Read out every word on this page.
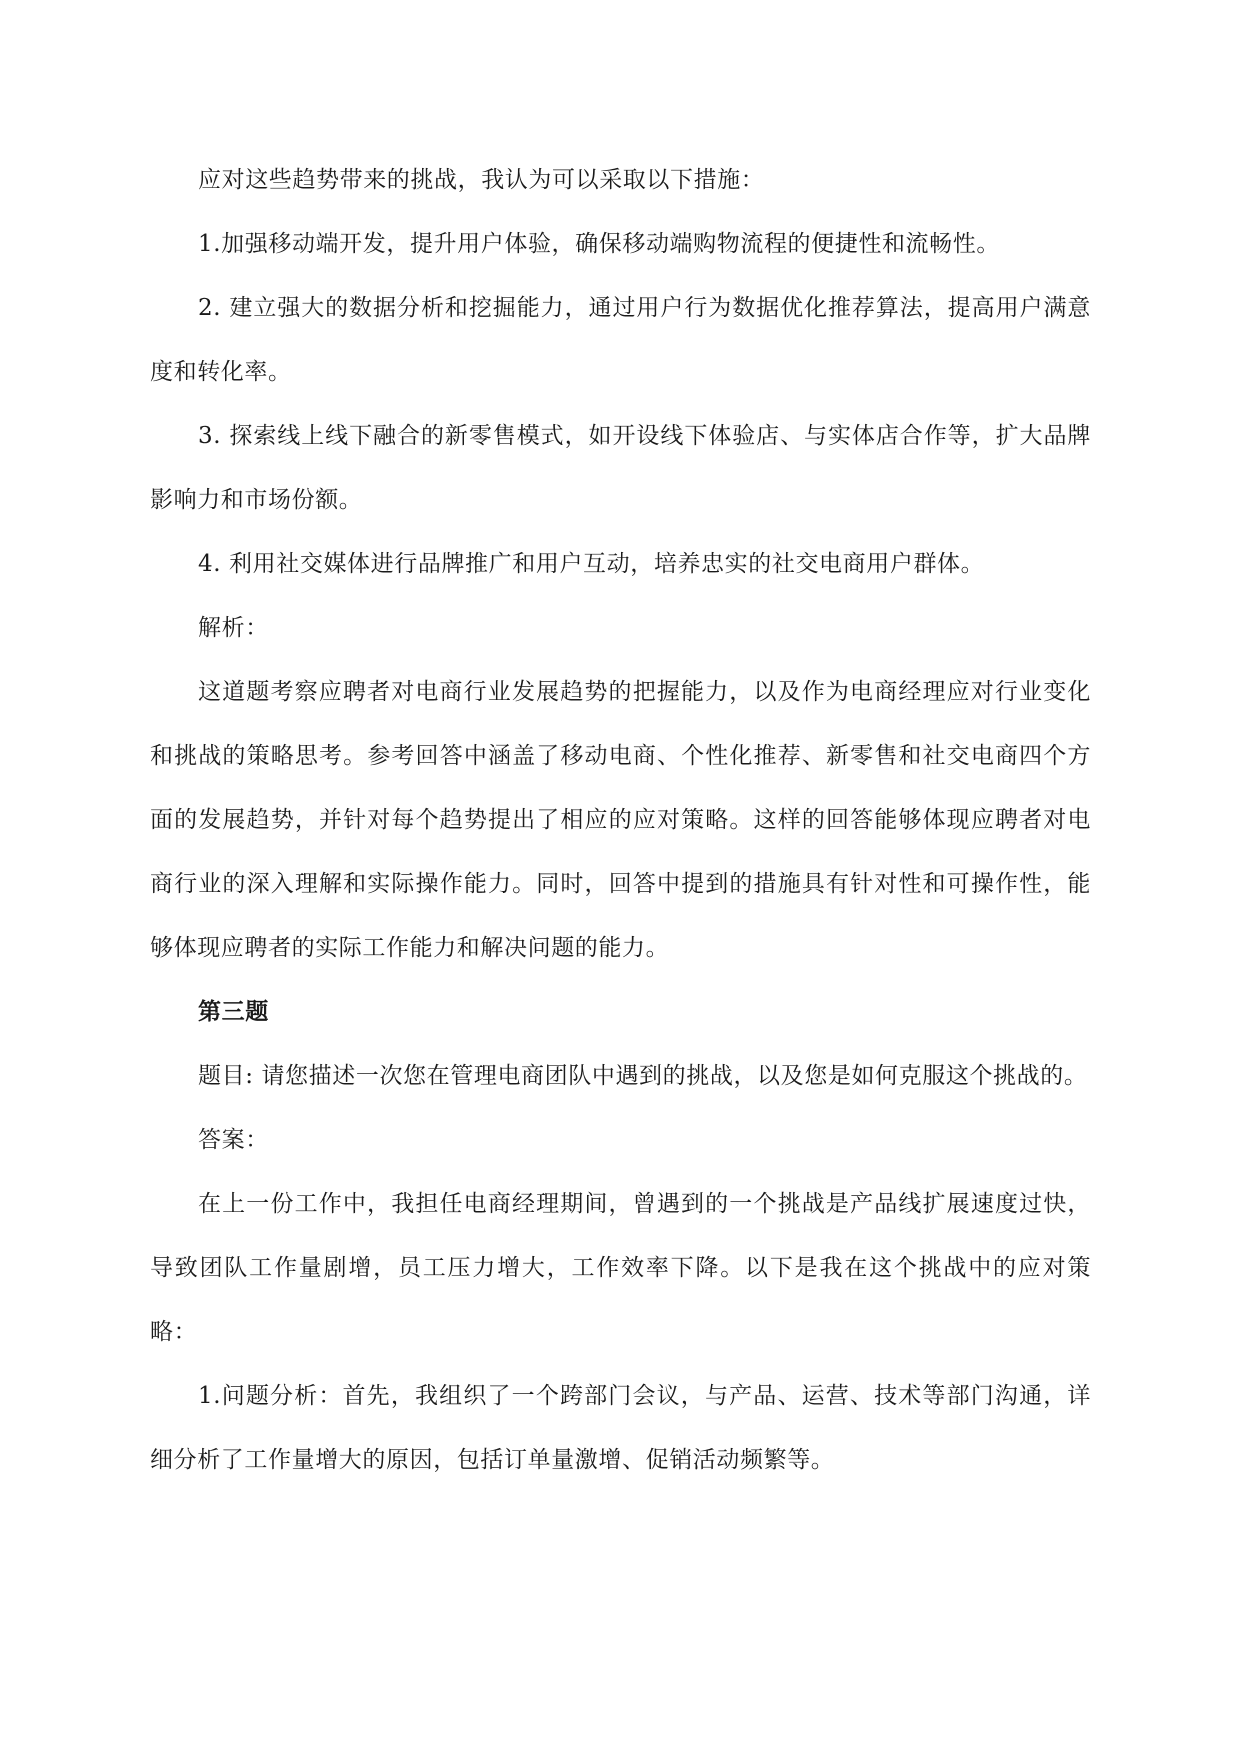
应对这些趋势带来的挑战，我认为可以采取以下措施：

1.加强移动端开发，提升用户体验，确保移动端购物流程的便捷性和流畅性。

2. 建立强大的数据分析和挖掘能力，通过用户行为数据优化推荐算法，提高用户满意度和转化率。

3. 探索线上线下融合的新零售模式，如开设线下体验店、与实体店合作等，扩大品牌影响力和市场份额。

4. 利用社交媒体进行品牌推广和用户互动，培养忠实的社交电商用户群体。

解析：

这道题考察应聘者对电商行业发展趋势的把握能力，以及作为电商经理应对行业变化和挑战的策略思考。参考回答中涵盖了移动电商、个性化推荐、新零售和社交电商四个方面的发展趋势，并针对每个趋势提出了相应的应对策略。这样的回答能够体现应聘者对电商行业的深入理解和实际操作能力。同时，回答中提到的措施具有针对性和可操作性，能够体现应聘者的实际工作能力和解决问题的能力。

第三题

题目: 请您描述一次您在管理电商团队中遇到的挑战，以及您是如何克服这个挑战的。

答案：

在上一份工作中，我担任电商经理期间，曾遇到的一个挑战是产品线扩展速度过快，导致团队工作量剧增，员工压力增大，工作效率下降。以下是我在这个挑战中的应对策略：

1.问题分析：首先，我组织了一个跨部门会议，与产品、运营、技术等部门沟通，详细分析了工作量增大的原因，包括订单量激增、促销活动频繁等。
